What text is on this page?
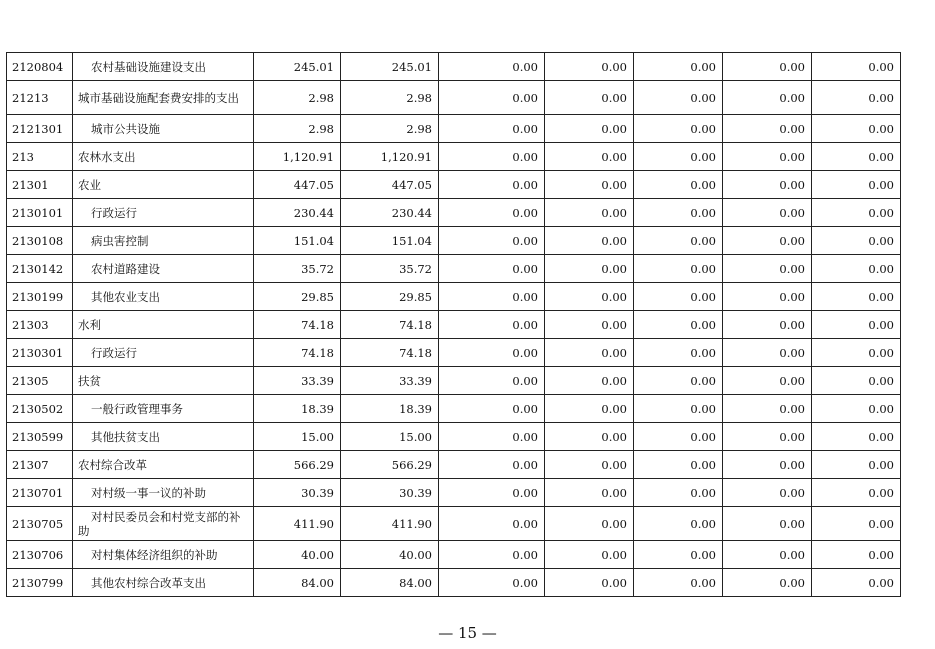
2120804	农村基础设施建设支出	245.01	245.01	0.00	0.00	0.00	0.00	0.00
21213	城市基础设施配套费安排的支出	2.98	2.98	0.00	0.00	0.00	0.00	0.00
2121301	城市公共设施	2.98	2.98	0.00	0.00	0.00	0.00	0.00
213	农林水支出	1,120.91	1,120.91	0.00	0.00	0.00	0.00	0.00
21301	农业	447.05	447.05	0.00	0.00	0.00	0.00	0.00
2130101	行政运行	230.44	230.44	0.00	0.00	0.00	0.00	0.00
2130108	病虫害控制	151.04	151.04	0.00	0.00	0.00	0.00	0.00
2130142	农村道路建设	35.72	35.72	0.00	0.00	0.00	0.00	0.00
2130199	其他农业支出	29.85	29.85	0.00	0.00	0.00	0.00	0.00
21303	水利	74.18	74.18	0.00	0.00	0.00	0.00	0.00
2130301	行政运行	74.18	74.18	0.00	0.00	0.00	0.00	0.00
21305	扶贫	33.39	33.39	0.00	0.00	0.00	0.00	0.00
2130502	一般行政管理事务	18.39	18.39	0.00	0.00	0.00	0.00	0.00
2130599	其他扶贫支出	15.00	15.00	0.00	0.00	0.00	0.00	0.00
21307	农村综合改革	566.29	566.29	0.00	0.00	0.00	0.00	0.00
2130701	对村级一事一议的补助	30.39	30.39	0.00	0.00	0.00	0.00	0.00
2130705	对村民委员会和村党支部的补助	411.90	411.90	0.00	0.00	0.00	0.00	0.00
2130706	对村集体经济组织的补助	40.00	40.00	0.00	0.00	0.00	0.00	0.00
2130799	其他农村综合改革支出	84.00	84.00	0.00	0.00	0.00	0.00	0.00
— 15 —
